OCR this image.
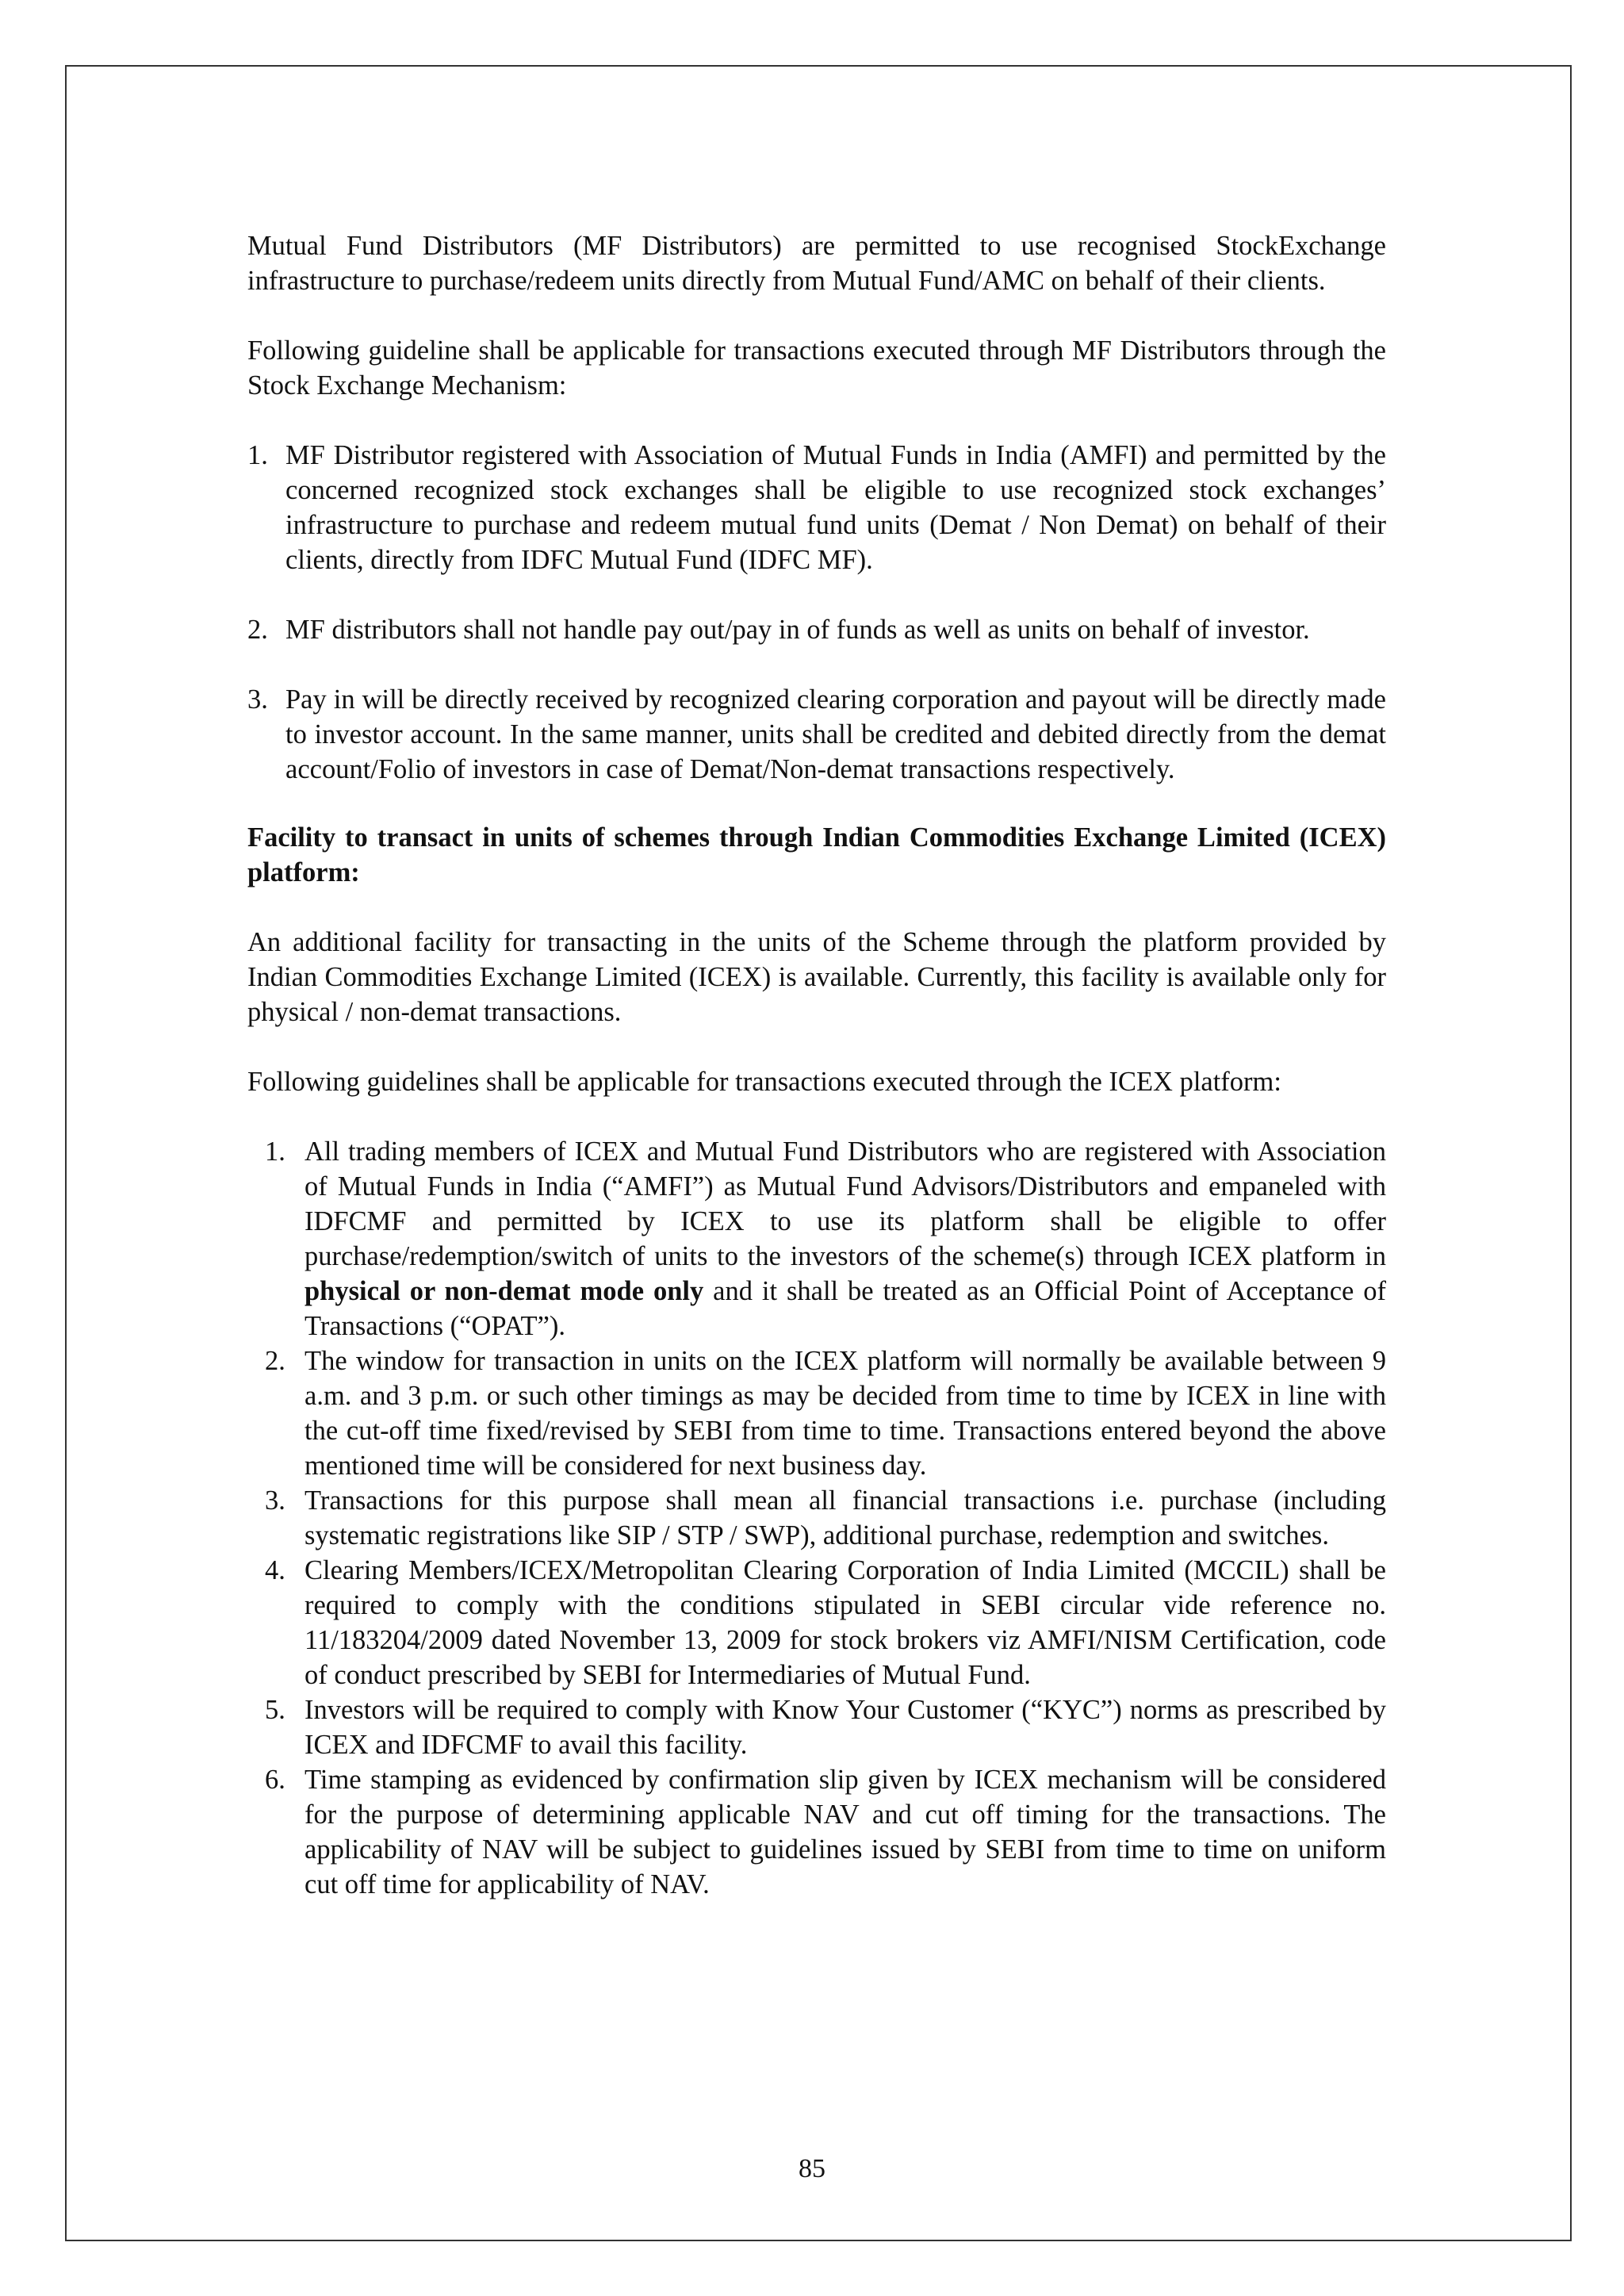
Mutual Fund Distributors (MF Distributors) are permitted to use recognised StockExchange infrastructure to purchase/redeem units directly from Mutual Fund/AMC on behalf of their clients.

Following guideline shall be applicable for transactions executed through MF Distributors through the Stock Exchange Mechanism:

1. MF Distributor registered with Association of Mutual Funds in India (AMFI) and permitted by the concerned recognized stock exchanges shall be eligible to use recognized stock exchanges’ infrastructure to purchase and redeem mutual fund units (Demat / Non Demat) on behalf of their clients, directly from IDFC Mutual Fund (IDFC MF).
2. MF distributors shall not handle pay out/pay in of funds as well as units on behalf of investor.
3. Pay in will be directly received by recognized clearing corporation and payout will be directly made to investor account. In the same manner, units shall be credited and debited directly from the demat account/Folio of investors in case of Demat/Non-demat transactions respectively.

Facility to transact in units of schemes through Indian Commodities Exchange Limited (ICEX) platform:

An additional facility for transacting in the units of the Scheme through the platform provided by Indian Commodities Exchange Limited (ICEX) is available. Currently, this facility is available only for physical / non-demat transactions.

Following guidelines shall be applicable for transactions executed through the ICEX platform:

1. All trading members of ICEX and Mutual Fund Distributors who are registered with Association of Mutual Funds in India (“AMFI”) as Mutual Fund Advisors/Distributors and empaneled with IDFCMF and permitted by ICEX to use its platform shall be eligible to offer purchase/redemption/switch of units to the investors of the scheme(s) through ICEX platform in physical or non-demat mode only and it shall be treated as an Official Point of Acceptance of Transactions (“OPAT”).
2. The window for transaction in units on the ICEX platform will normally be available between 9 a.m. and 3 p.m. or such other timings as may be decided from time to time by ICEX in line with the cut-off time fixed/revised by SEBI from time to time. Transactions entered beyond the above mentioned time will be considered for next business day.
3. Transactions for this purpose shall mean all financial transactions i.e. purchase (including systematic registrations like SIP / STP / SWP), additional purchase, redemption and switches.
4. Clearing Members/ICEX/Metropolitan Clearing Corporation of India Limited (MCCIL) shall be required to comply with the conditions stipulated in SEBI circular vide reference no. 11/183204/2009 dated November 13, 2009 for stock brokers viz AMFI/NISM Certification, code of conduct prescribed by SEBI for Intermediaries of Mutual Fund.
5. Investors will be required to comply with Know Your Customer (“KYC”) norms as prescribed by ICEX and IDFCMF to avail this facility.
6. Time stamping as evidenced by confirmation slip given by ICEX mechanism will be considered for the purpose of determining applicable NAV and cut off timing for the transactions. The applicability of NAV will be subject to guidelines issued by SEBI from time to time on uniform cut off time for applicability of NAV.
85
